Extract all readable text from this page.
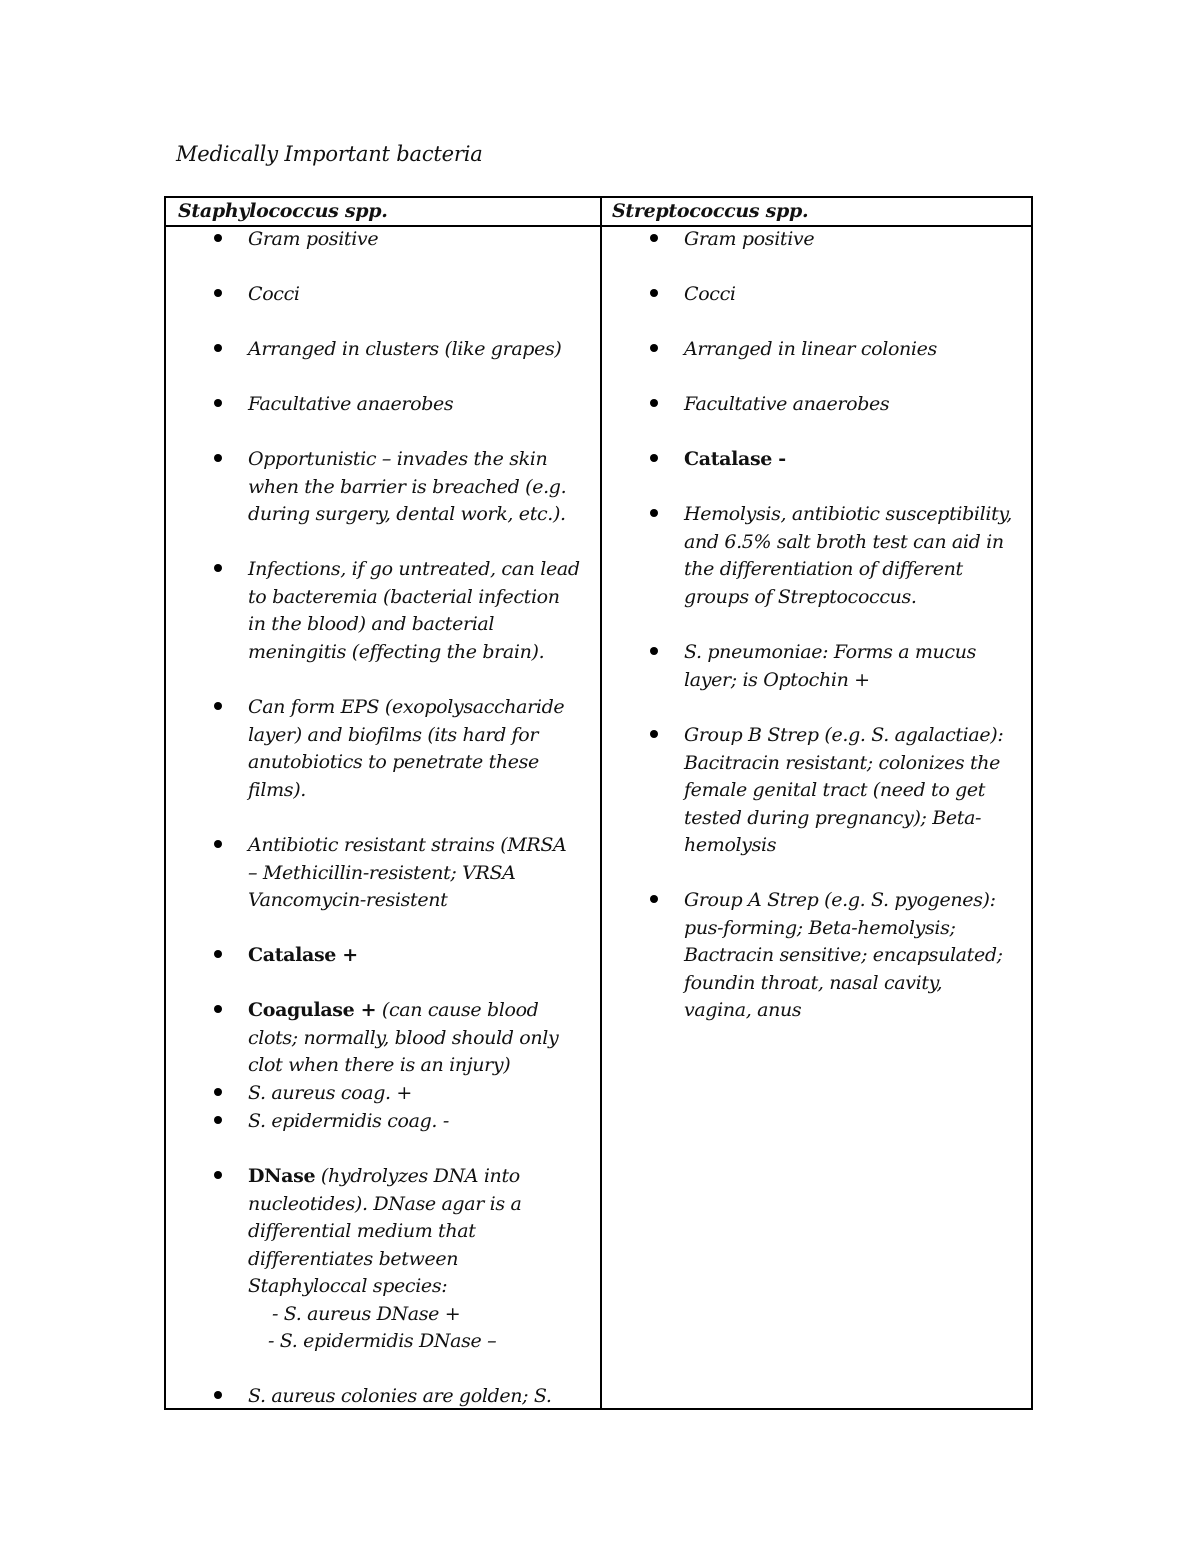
Medically Important bacteria
Staphylococcus spp.	Streptococcus spp.
Gram positive
Cocci
Arranged in clusters (like grapes)
Facultative anaerobes
Opportunistic – invades the skin
when the barrier is breached (e.g.
during surgery, dental work, etc.).
Infections, if go untreated, can lead
to bacteremia (bacterial infection
in the blood) and bacterial
meningitis (effecting the brain).
Can form EPS (exopolysaccharide
layer) and biofilms (its hard for
anutobiotics to penetrate these
films).
Antibiotic resistant strains (MRSA
– Methicillin-resistent; VRSA
Vancomycin-resistent
Catalase +
Coagulase + (can cause blood
clots; normally, blood should only
clot when there is an injury)
S. aureus coag. +
S. epidermidis coag. -
DNase (hydrolyzes DNA into
nucleotides). DNase agar is a
differential medium that
differentiates between
Staphyloccal species:
- S. aureus DNase +
- S. epidermidis DNase –
S. aureus colonies are golden; S.
Gram positive
Cocci
Arranged in linear colonies
Facultative anaerobes
Catalase -
Hemolysis, antibiotic susceptibility,
and 6.5% salt broth test can aid in
the differentiation of different
groups of Streptococcus.
S. pneumoniae: Forms a mucus
layer; is Optochin +
Group B Strep (e.g. S. agalactiae):
Bacitracin resistant; colonizes the
female genital tract (need to get
tested during pregnancy); Beta-
hemolysis
Group A Strep (e.g. S. pyogenes):
pus-forming; Beta-hemolysis;
Bactracin sensitive; encapsulated;
foundin throat, nasal cavity,
vagina, anus
